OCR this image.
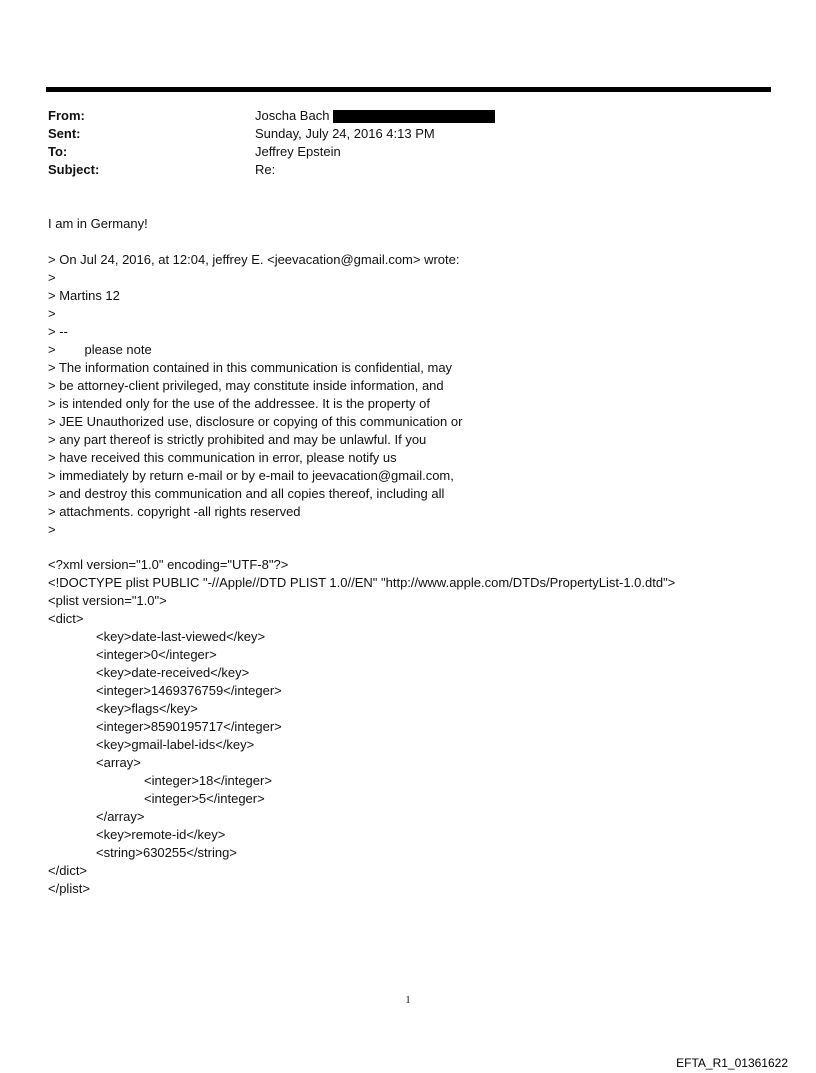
From:	Joscha Bach
Sent:	Sunday, July 24, 2016 4:13 PM
To:	Jeffrey Epstein
Subject:	Re:
I am in Germany!
> On Jul 24, 2016, at 12:04, jeffrey E. <jeevacation@gmail.com> wrote:
>
> Martins 12
>
> --
>        please note
> The information contained in this communication is confidential, may
> be attorney-client privileged, may constitute inside information, and
> is intended only for the use of the addressee. It is the property of
> JEE Unauthorized use, disclosure or copying of this communication or
> any part thereof is strictly prohibited and may be unlawful. If you
> have received this communication in error, please notify us
> immediately by return e-mail or by e-mail to jeevacation@gmail.com,
> and destroy this communication and all copies thereof, including all
> attachments. copyright -all rights reserved
>
<?xml version="1.0" encoding="UTF-8"?>
<!DOCTYPE plist PUBLIC "-//Apple//DTD PLIST 1.0//EN" "http://www.apple.com/DTDs/PropertyList-1.0.dtd">
<plist version="1.0">
<dict>
<key>date-last-viewed</key>
<integer>0</integer>
<key>date-received</key>
<integer>1469376759</integer>
<key>flags</key>
<integer>8590195717</integer>
<key>gmail-label-ids</key>
<array>
<integer>18</integer>
<integer>5</integer>
</array>
<key>remote-id</key>
<string>630255</string>
</dict>
</plist>
1
EFTA_R1_01361622
